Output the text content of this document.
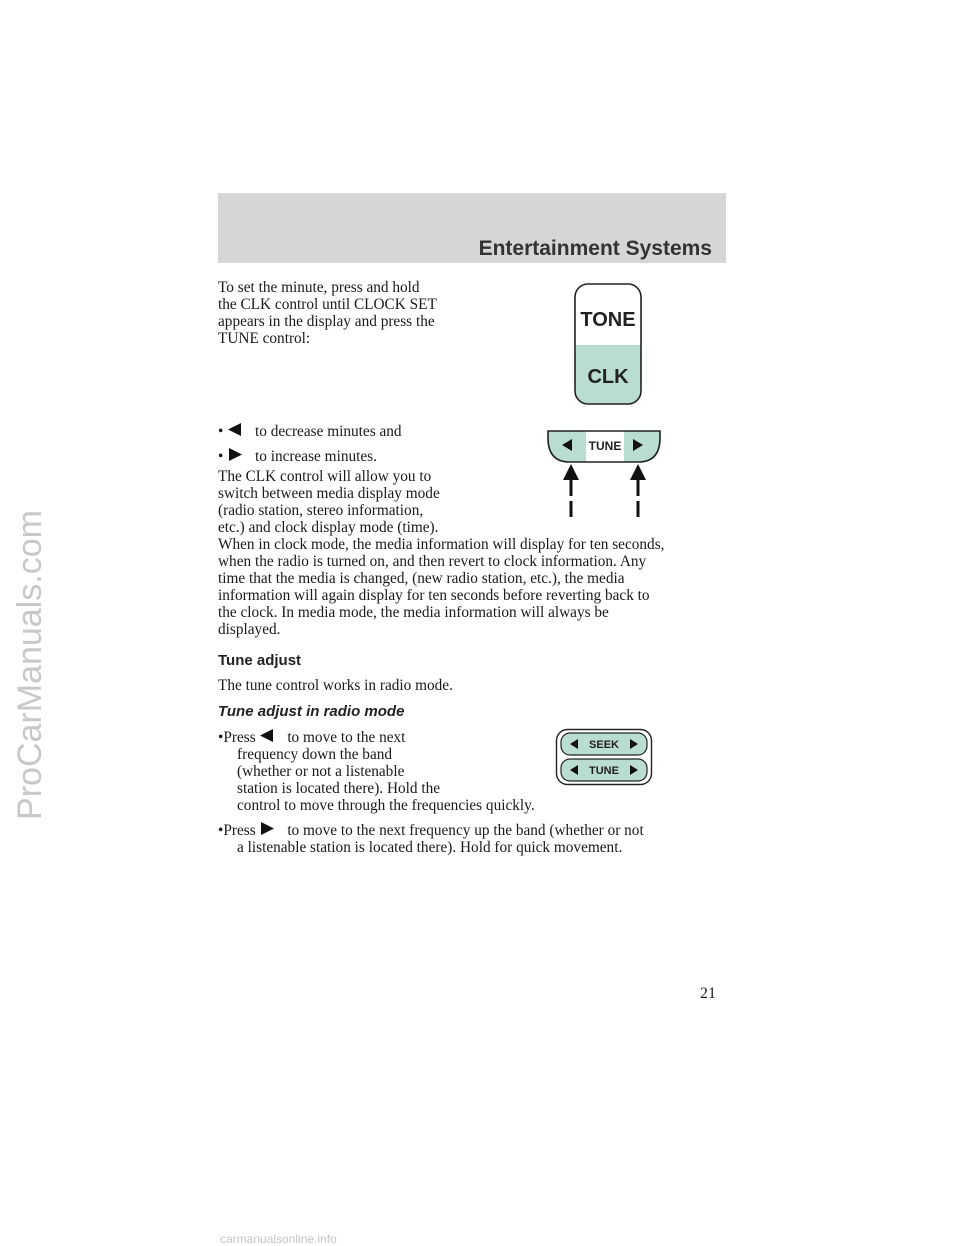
ProCarManuals.com
Entertainment Systems

To set the minute, press and hold

the CLK control until CLOCK SET

appears in the display and press the

TUNE control:

TONE
CLK
• to decrease minutes and
• to increase minutes.
TUNE

The CLK control will allow you to

switch between media display mode

(radio station, stereo information,

etc.) and clock display mode (time).

When in clock mode, the media information will display for ten seconds,

when the radio is turned on, and then revert to clock information. Any

time that the media is changed, (new radio station, etc.), the media

information will again display for ten seconds before reverting back to

the clock. In media mode, the media information will always be

displayed.

Tune adjust

The tune control works in radio mode.

Tune adjust in radio mode
•Press to move to the next

frequency down the band

(whether or not a listenable

station is located there). Hold the

control to move through the frequencies quickly.

SEEK
TUNE
•Press to move to the next frequency up the band (whether or not

a listenable station is located there). Hold for quick movement.

21
carmanualsonline.info
